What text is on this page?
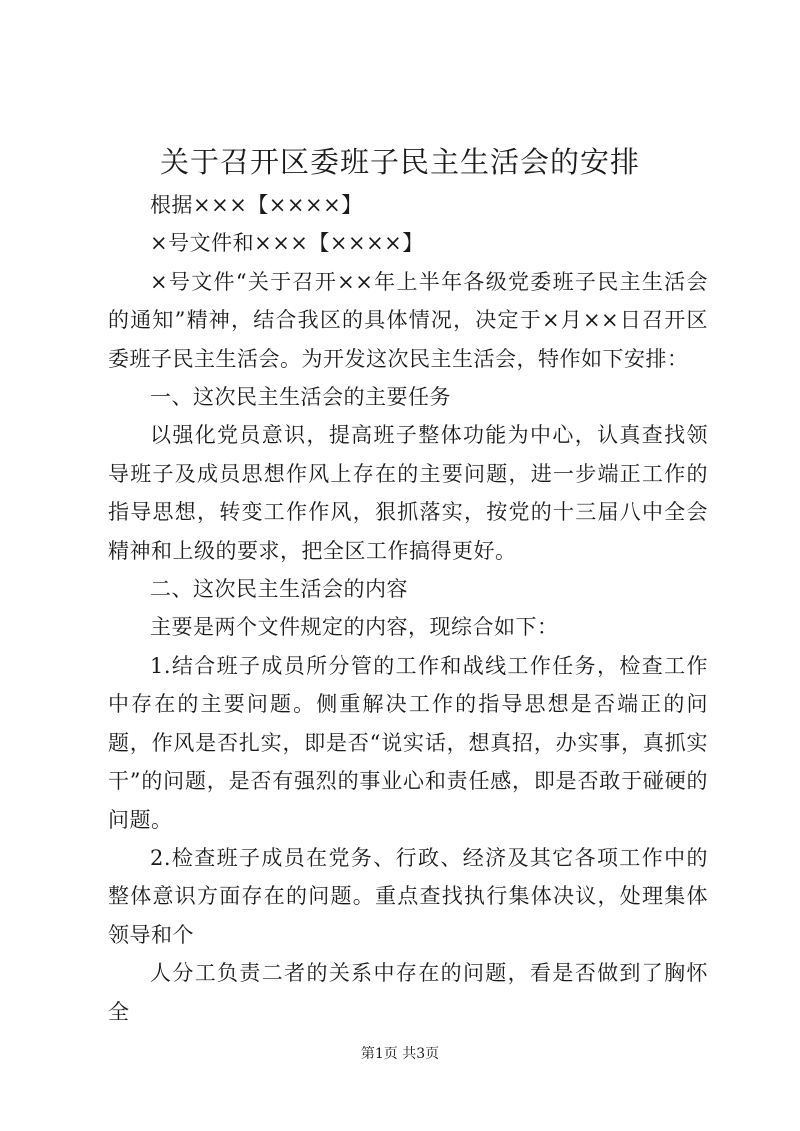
关于召开区委班子民主生活会的安排

根据×××【××××】

×号文件和×××【××××】

×号文件“关于召开××年上半年各级党委班子民主生活会的通知”精神，结合我区的具体情况，决定于×月××日召开区委班子民主生活会。为开发这次民主生活会，特作如下安排：

一、这次民主生活会的主要任务

以强化党员意识，提高班子整体功能为中心，认真查找领导班子及成员思想作风上存在的主要问题，进一步端正工作的指导思想，转变工作作风，狠抓落实，按党的十三届八中全会精神和上级的要求，把全区工作搞得更好。

二、这次民主生活会的内容

主要是两个文件规定的内容，现综合如下：

1.结合班子成员所分管的工作和战线工作任务，检查工作中存在的主要问题。侧重解决工作的指导思想是否端正的问题，作风是否扎实，即是否“说实话，想真招，办实事，真抓实干”的问题，是否有强烈的事业心和责任感，即是否敢于碰硬的问题。

2.检查班子成员在党务、行政、经济及其它各项工作中的整体意识方面存在的问题。重点查找执行集体决议，处理集体领导和个

人分工负责二者的关系中存在的问题，看是否做到了胸怀全

第1页 共3页
